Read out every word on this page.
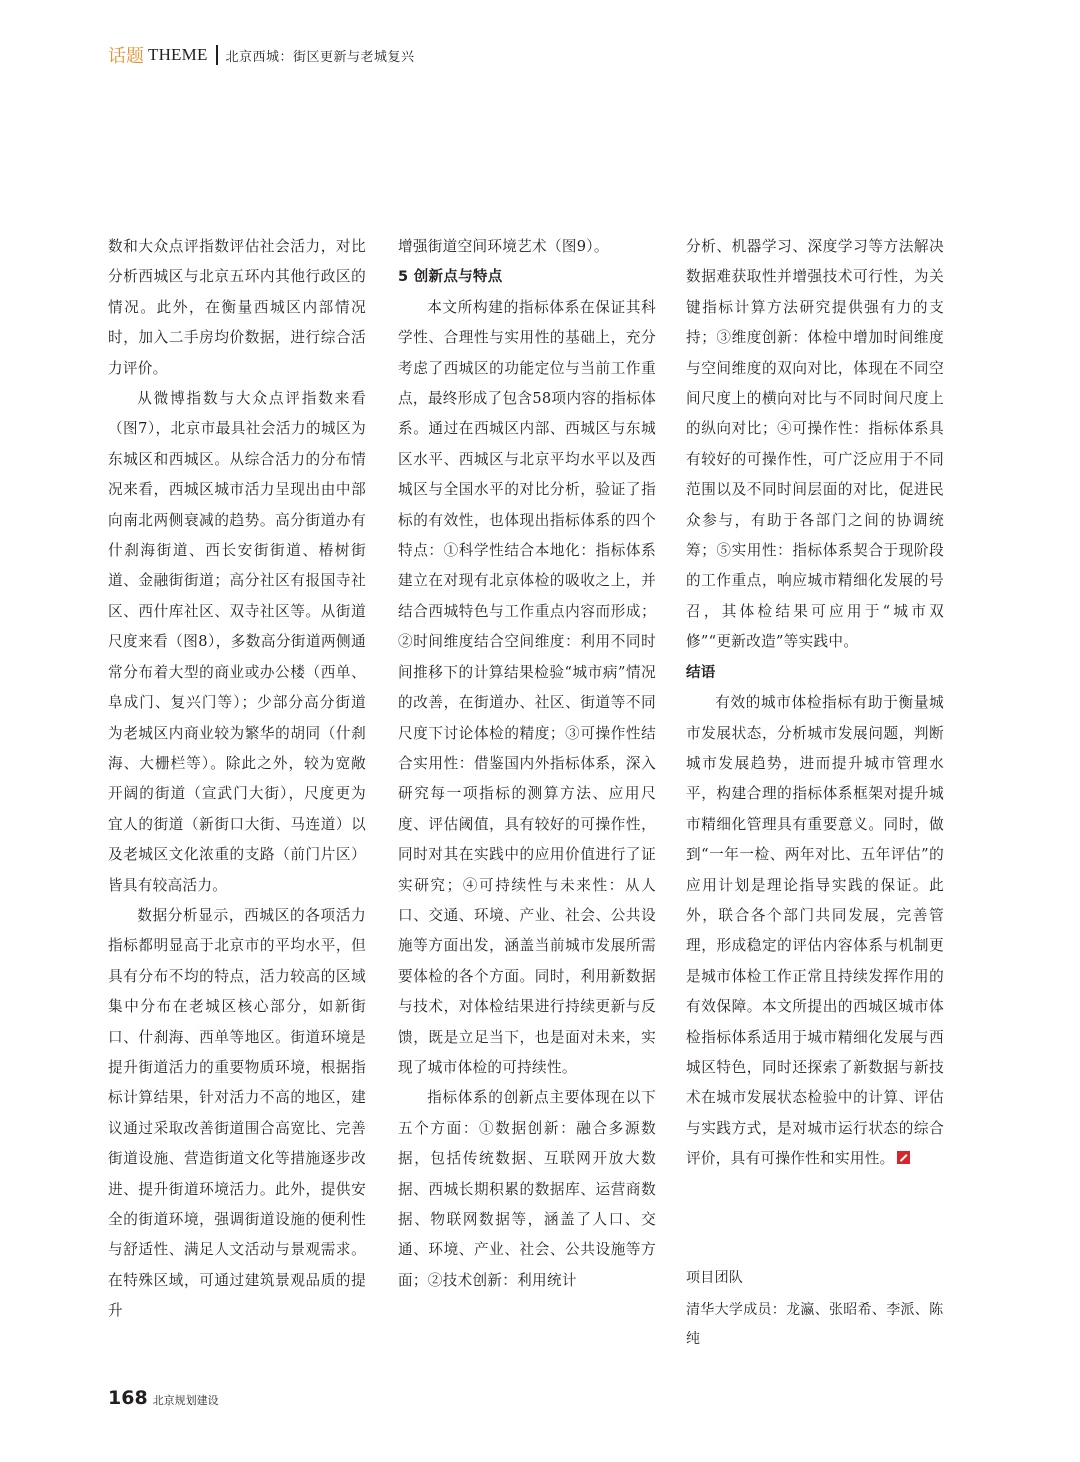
话题 THEME 北京西城：街区更新与老城复兴

数和大众点评指数评估社会活力，对比分析西城区与北京五环内其他行政区的情况。此外，在衡量西城区内部情况时，加入二手房均价数据，进行综合活力评价。

从微博指数与大众点评指数来看（图7），北京市最具社会活力的城区为东城区和西城区。从综合活力的分布情况来看，西城区城市活力呈现出由中部向南北两侧衰减的趋势。高分街道办有什刹海街道、西长安街街道、椿树街道、金融街街道；高分社区有报国寺社区、西什库社区、双寺社区等。从街道尺度来看（图8），多数高分街道两侧通常分布着大型的商业或办公楼（西单、阜成门、复兴门等）；少部分高分街道为老城区内商业较为繁华的胡同（什刹海、大栅栏等）。除此之外，较为宽敞开阔的街道（宣武门大街），尺度更为宜人的街道（新街口大街、马连道）以及老城区文化浓重的支路（前门片区）皆具有较高活力。

数据分析显示，西城区的各项活力指标都明显高于北京市的平均水平，但具有分布不均的特点，活力较高的区域集中分布在老城区核心部分，如新街口、什刹海、西单等地区。街道环境是提升街道活力的重要物质环境，根据指标计算结果，针对活力不高的地区，建议通过采取改善街道围合高宽比、完善街道设施、营造街道文化等措施逐步改进、提升街道环境活力。此外，提供安全的街道环境，强调街道设施的便利性与舒适性、满足人文活动与景观需求。在特殊区域，可通过建筑景观品质的提升

增强街道空间环境艺术（图9）。

5 创新点与特点

本文所构建的指标体系在保证其科学性、合理性与实用性的基础上，充分考虑了西城区的功能定位与当前工作重点，最终形成了包含58项内容的指标体系。通过在西城区内部、西城区与东城区水平、西城区与北京平均水平以及西城区与全国水平的对比分析，验证了指标的有效性，也体现出指标体系的四个特点：①科学性结合本地化：指标体系建立在对现有北京体检的吸收之上，并结合西城特色与工作重点内容而形成；②时间维度结合空间维度：利用不同时间推移下的计算结果检验“城市病”情况的改善，在街道办、社区、街道等不同尺度下讨论体检的精度；③可操作性结合实用性：借鉴国内外指标体系，深入研究每一项指标的测算方法、应用尺度、评估阈值，具有较好的可操作性，同时对其在实践中的应用价值进行了证实研究；④可持续性与未来性：从人口、交通、环境、产业、社会、公共设施等方面出发，涵盖当前城市发展所需要体检的各个方面。同时，利用新数据与技术，对体检结果进行持续更新与反馈，既是立足当下，也是面对未来，实现了城市体检的可持续性。

指标体系的创新点主要体现在以下五个方面：①数据创新：融合多源数据，包括传统数据、互联网开放大数据、西城长期积累的数据库、运营商数据、物联网数据等，涵盖了人口、交通、环境、产业、社会、公共设施等方面；②技术创新：利用统计

分析、机器学习、深度学习等方法解决数据难获取性并增强技术可行性，为关键指标计算方法研究提供强有力的支持；③维度创新：体检中增加时间维度与空间维度的双向对比，体现在不同空间尺度上的横向对比与不同时间尺度上的纵向对比；④可操作性：指标体系具有较好的可操作性，可广泛应用于不同范围以及不同时间层面的对比，促进民众参与，有助于各部门之间的协调统筹；⑤实用性：指标体系契合于现阶段的工作重点，响应城市精细化发展的号召，其体检结果可应用于“城市双修”“更新改造”等实践中。

结语

有效的城市体检指标有助于衡量城市发展状态，分析城市发展问题，判断城市发展趋势，进而提升城市管理水平，构建合理的指标体系框架对提升城市精细化管理具有重要意义。同时，做到“一年一检、两年对比、五年评估”的应用计划是理论指导实践的保证。此外，联合各个部门共同发展，完善管理，形成稳定的评估内容体系与机制更是城市体检工作正常且持续发挥作用的有效保障。本文所提出的西城区城市体检指标体系适用于城市精细化发展与西城区特色，同时还探索了新数据与新技术在城市发展状态检验中的计算、评估与实践方式，是对城市运行状态的综合评价，具有可操作性和实用性。

项目团队

清华大学成员：龙瀛、张昭希、李派、陈纯

168 北京规划建设
